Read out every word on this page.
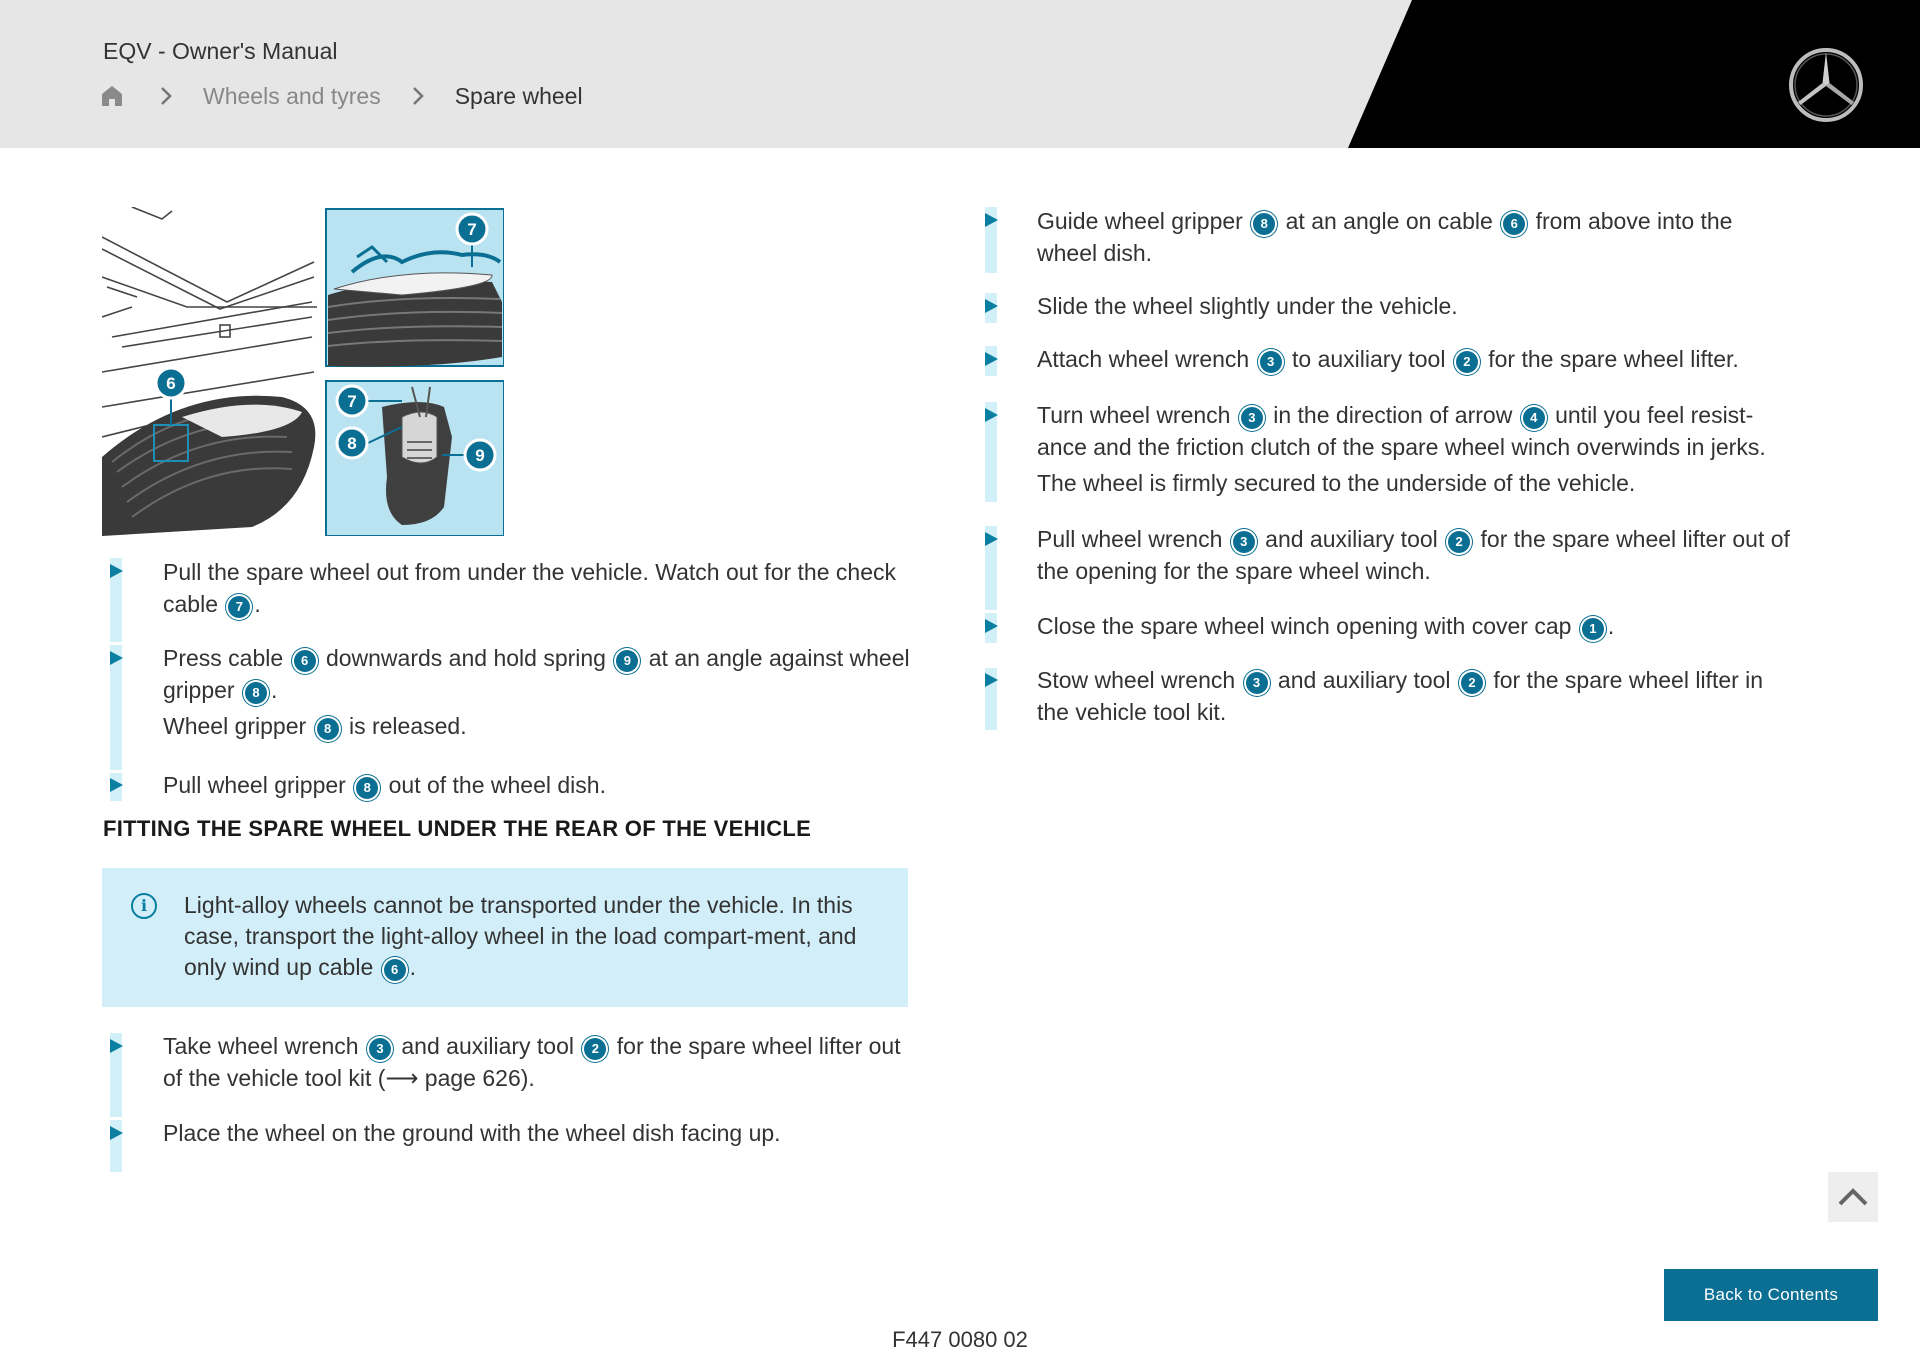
EQV - Owner's Manual
Wheels and tyres	Spare wheel
7
6
7
8
9
Pull the spare wheel out from under the vehicle. Watch out for the check cable 7 .
Press cable 6 downwards and hold spring 9 at an angle against wheel gripper 8 .
Wheel gripper 8 is released.
Pull wheel gripper 8 out of the wheel dish.
FITTING THE SPARE WHEEL UNDER THE REAR OF THE VEHICLE
i	Light-alloy wheels cannot be transported under the vehicle. In this case, transport the light-alloy wheel in the load compart-ment, and only wind up cable 6 .
Take wheel wrench 3 and auxiliary tool 2 for the spare wheel lifter out of the vehicle tool kit (⟶ page 626).
Place the wheel on the ground with the wheel dish facing up.
Guide wheel gripper 8 at an angle on cable 6 from above into the wheel dish.
Slide the wheel slightly under the vehicle.
Attach wheel wrench 3 to auxiliary tool 2 for the spare wheel lifter.
Turn wheel wrench 3 in the direction of arrow 4 until you feel resist-ance and the friction clutch of the spare wheel winch overwinds in jerks.
The wheel is firmly secured to the underside of the vehicle.
Pull wheel wrench 3 and auxiliary tool 2 for the spare wheel lifter out of the opening for the spare wheel winch.
Close the spare wheel winch opening with cover cap 1 .
Stow wheel wrench 3 and auxiliary tool 2 for the spare wheel lifter in the vehicle tool kit.
Back to Contents
F447 0080 02
